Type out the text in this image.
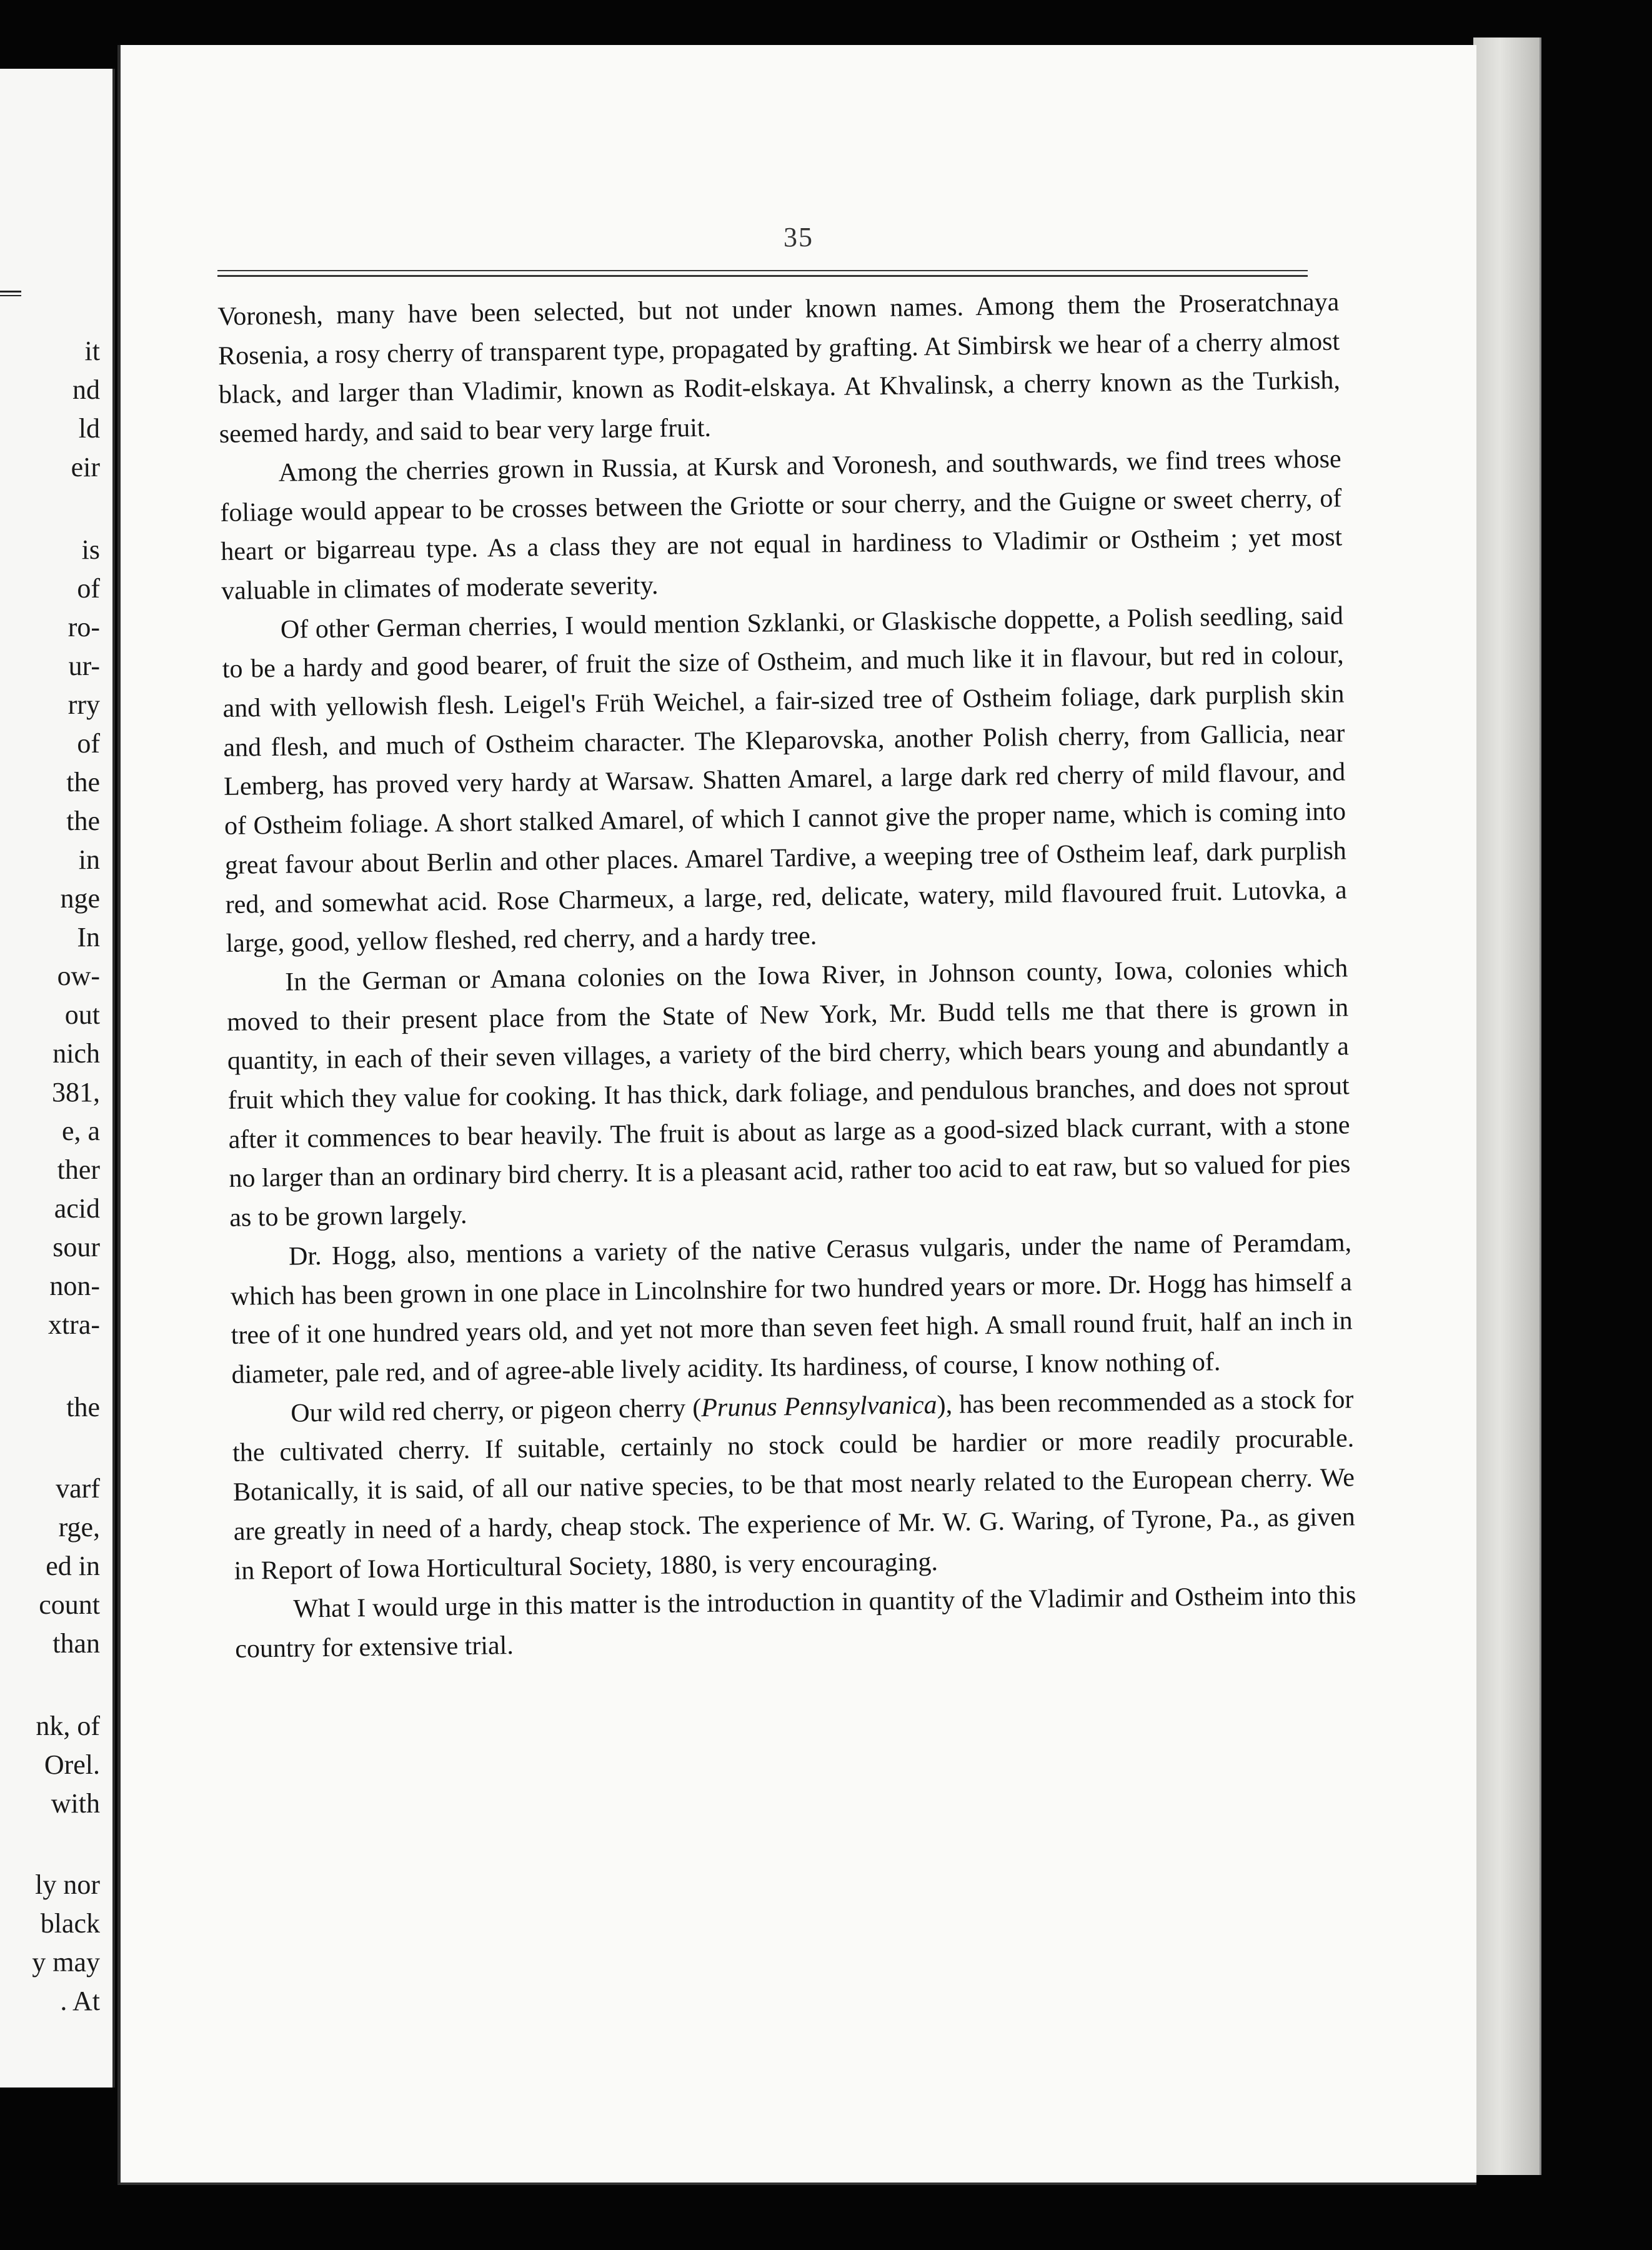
it
nd
ld
eir
is
of
ro-
ur-
rry
of
the
the
in
nge
In
ow-
out
nich
381,
e, a
ther
acid
sour
non-
xtra-
the
varf
rge,
ed in
count
than
nk, of
Orel.
with
ly nor
black
y may
. At
35

Voronesh, many have been selected, but not under known names. Among them the Proseratchnaya Rosenia, a rosy cherry of transparent type, propagated by grafting. At Simbirsk we hear of a cherry almost black, and larger than Vladimir, known as Rodit-elskaya. At Khvalinsk, a cherry known as the Turkish, seemed hardy, and said to bear very large fruit.

Among the cherries grown in Russia, at Kursk and Voronesh, and southwards, we find trees whose foliage would appear to be crosses between the Griotte or sour cherry, and the Guigne or sweet cherry, of heart or bigarreau type. As a class they are not equal in hardiness to Vladimir or Ostheim ; yet most valuable in climates of moderate severity.

Of other German cherries, I would mention Szklanki, or Glaskische doppette, a Polish seedling, said to be a hardy and good bearer, of fruit the size of Ostheim, and much like it in flavour, but red in colour, and with yellowish flesh. Leigel's Früh Weichel, a fair-sized tree of Ostheim foliage, dark purplish skin and flesh, and much of Ostheim character. The Kleparovska, another Polish cherry, from Gallicia, near Lemberg, has proved very hardy at Warsaw. Shatten Amarel, a large dark red cherry of mild flavour, and of Ostheim foliage. A short stalked Amarel, of which I cannot give the proper name, which is coming into great favour about Berlin and other places. Amarel Tardive, a weeping tree of Ostheim leaf, dark purplish red, and somewhat acid. Rose Charmeux, a large, red, delicate, watery, mild flavoured fruit. Lutovka, a large, good, yellow fleshed, red cherry, and a hardy tree.

In the German or Amana colonies on the Iowa River, in Johnson county, Iowa, colonies which moved to their present place from the State of New York, Mr. Budd tells me that there is grown in quantity, in each of their seven villages, a variety of the bird cherry, which bears young and abundantly a fruit which they value for cooking. It has thick, dark foliage, and pendulous branches, and does not sprout after it commences to bear heavily. The fruit is about as large as a good-sized black currant, with a stone no larger than an ordinary bird cherry. It is a pleasant acid, rather too acid to eat raw, but so valued for pies as to be grown largely.

Dr. Hogg, also, mentions a variety of the native Cerasus vulgaris, under the name of Peramdam, which has been grown in one place in Lincolnshire for two hundred years or more. Dr. Hogg has himself a tree of it one hundred years old, and yet not more than seven feet high. A small round fruit, half an inch in diameter, pale red, and of agree-able lively acidity. Its hardiness, of course, I know nothing of.

Our wild red cherry, or pigeon cherry (Prunus Pennsylvanica), has been recommended as a stock for the cultivated cherry. If suitable, certainly no stock could be hardier or more readily procurable. Botanically, it is said, of all our native species, to be that most nearly related to the European cherry. We are greatly in need of a hardy, cheap stock. The experience of Mr. W. G. Waring, of Tyrone, Pa., as given in Report of Iowa Horticultural Society, 1880, is very encouraging.

What I would urge in this matter is the introduction in quantity of the Vladimir and Ostheim into this country for extensive trial.
